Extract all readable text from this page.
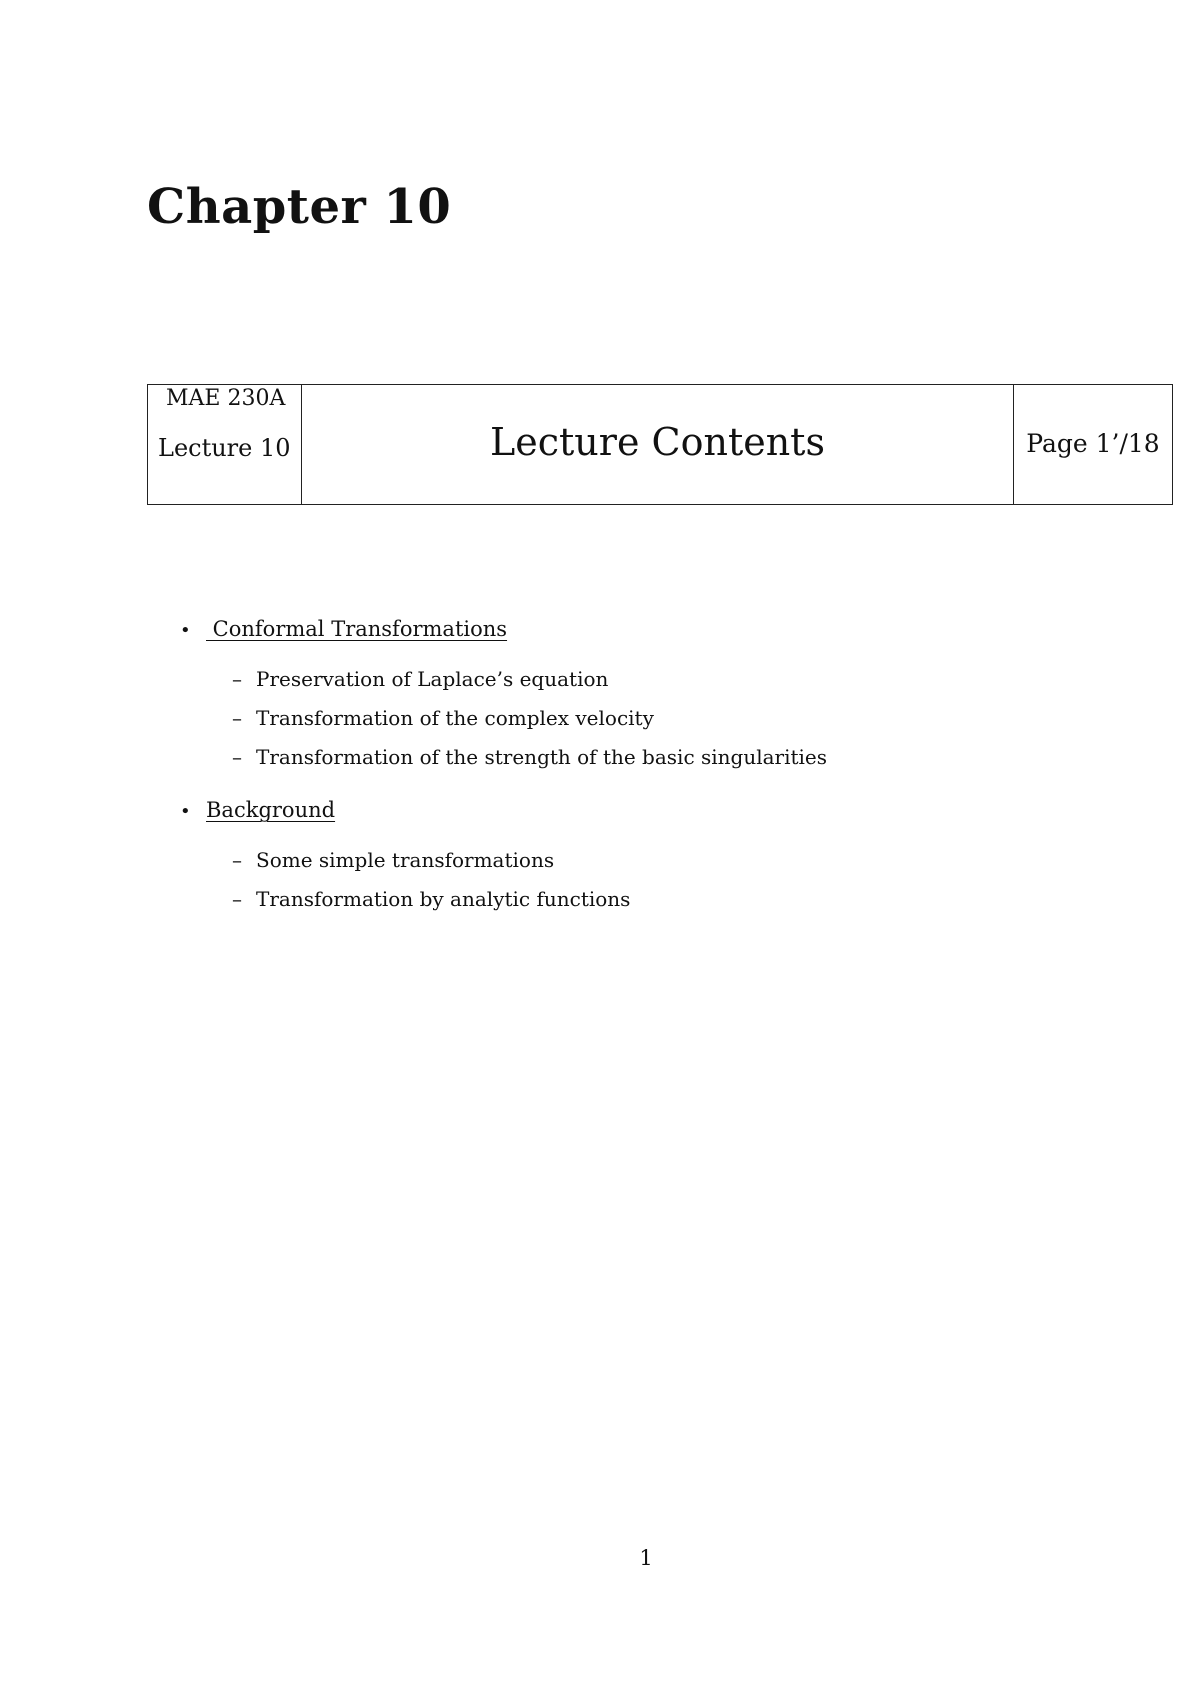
Chapter 10
MAE 230A
Lecture 10	Lecture Contents	Page 1’/18
• Conformal Transformations
– Preservation of Laplace’s equation
– Transformation of the complex velocity
– Transformation of the strength of the basic singularities
• Background
– Some simple transformations
– Transformation by analytic functions
1
